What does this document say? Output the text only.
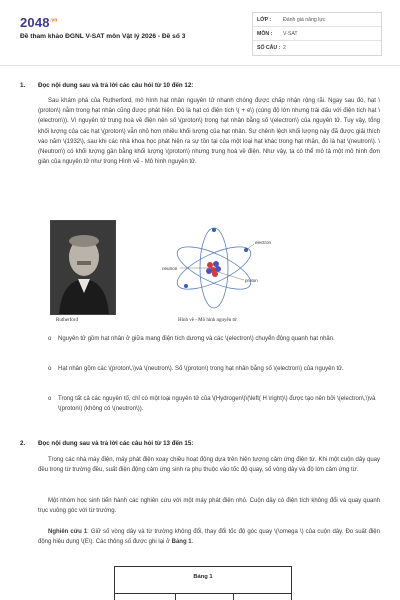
$2048^{.vn}$
Đề tham khảo ĐGNL V-SAT môn Vật lý 2026 - Đề số 3
LỚP :	Đánh giá năng lực
MÔN :	V-SAT
SỐ CÂU : 2
1. Đọc nội dung sau và trả lời các câu hỏi từ 10 đến 12:
Sau khám phá của Rutherford, mô hình hạt nhân nguyên tử nhanh chóng được chấp nhận rộng rãi. Ngay sau đó, hạt \(proton\) nằm trong hạt nhân cũng được phát hiện. Đó là hạt có điện tích \( + e\) (cùng độ lớn nhưng trái dấu với điện tích hạt \(electron\)). Vì nguyên tử trung hoà về điện nên số \(proton\) trong hạt nhân bằng số \(electron\) của nguyên tử. Tuy vậy, tổng khối lượng của các hạt \(proton\) vẫn nhỏ hơn nhiều khối lượng của hạt nhân. Sự chênh lệch khối lượng này đã được giải thích vào năm \(1932\), sau khi các nhà khoa học phát hiện ra sự tồn tại của một loại hạt khác trong hạt nhân, đó là hạt \(neutron\). \(Neutron\) có khối lượng gần bằng khối lượng \(proton\) nhưng trung hoà về điện. Như vậy, ta có thể mô tả một mô hình đơn giản của nguyên tử như trong Hình vẽ - Mô hình nguyên tử.
Rutherford
electron
neutron
proton
Hình vẽ - Mô hình nguyên tử
o Nguyên tử gồm hạt nhân ở giữa mang điện tích dương và các \(electron\) chuyển động quanh hạt nhân.
o Hạt nhân gồm các \(proton\,\)và \(neutron\). Số \(proton\) trong hạt nhân bằng số \(electron\) của nguyên tử.
o Trong tất cả các nguyên tố, chỉ có một loại nguyên tử của \(Hydrogen\)\(\left( H \right)\) được tạo nên bởi \(electron\,\)và \(proton\) (không có \(neutron\)).
2. Đọc nội dung sau và trả lời các câu hỏi từ 13 đến 15:
Trong các nhà máy điện, máy phát điện xoay chiều hoạt động dựa trên hiện tượng cảm ứng điện từ. Khi một cuộn dây quay đều trong từ trường đều, suất điện động cảm ứng sinh ra phụ thuộc vào tốc độ quay, số vòng dây và độ lớn cảm ứng từ.
Một nhóm học sinh tiến hành các nghiên cứu với một máy phát điện nhỏ. Cuộn dây có điện tích không đổi và quay quanh trục vuông góc với từ trường.
Nghiên cứu 1: Giữ số vòng dây và từ trường không đổi, thay đổi tốc độ góc quay \(\omega \) của cuộn dây. Đo suất điện động hiệu dụng \(E\). Các thông số được ghi lại ở Bảng 1.
Bảng 1
